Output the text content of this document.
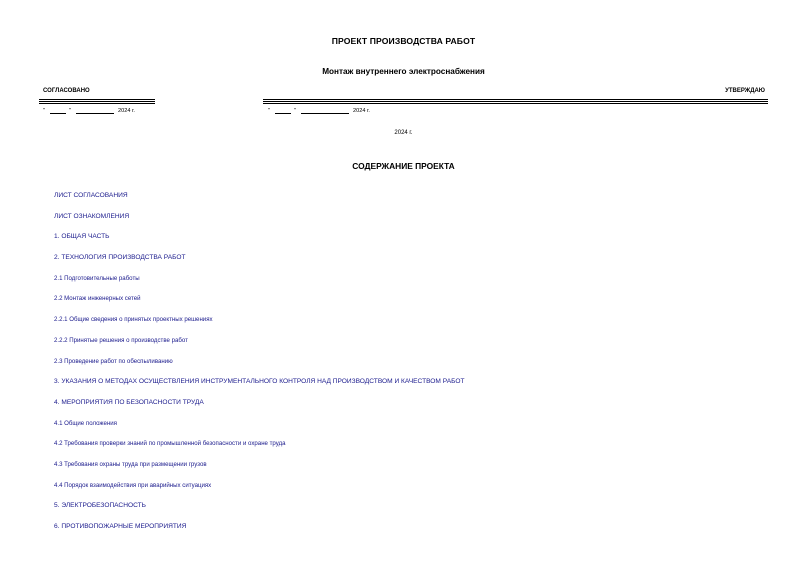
ПРОЕКТ ПРОИЗВОДСТВА РАБОТ
Монтаж внутреннего электроснабжения
СОГЛАСОВАНО	УТВЕРЖДАЮ
"	"	2024 г.	"	"	2024 г.
2024 г.
СОДЕРЖАНИЕ ПРОЕКТА
ЛИСТ СОГЛАСОВАНИЯ
ЛИСТ ОЗНАКОМЛЕНИЯ
1. ОБЩАЯ ЧАСТЬ
2. ТЕХНОЛОГИЯ ПРОИЗВОДСТВА РАБОТ
2.1 Подготовительные работы
2.2 Монтаж инженерных сетей
2.2.1 Общие сведения о принятых проектных решениях
2.2.2 Принятые решения о производстве работ
2.3 Проведение работ по обеспыливанию
3. УКАЗАНИЯ О МЕТОДАХ ОСУЩЕСТВЛЕНИЯ ИНСТРУМЕНТАЛЬНОГО КОНТРОЛЯ НАД ПРОИЗВОДСТВОМ И КАЧЕСТВОМ РАБОТ
4. МЕРОПРИЯТИЯ ПО БЕЗОПАСНОСТИ ТРУДА
4.1 Общие положения
4.2 Требования проверки знаний по промышленной безопасности и охране труда
4.3 Требования охраны труда при размещении грузов
4.4 Порядок взаимодействия при аварийных ситуациях
5. ЭЛЕКТРОБЕЗОПАСНОСТЬ
6. ПРОТИВОПОЖАРНЫЕ МЕРОПРИЯТИЯ
